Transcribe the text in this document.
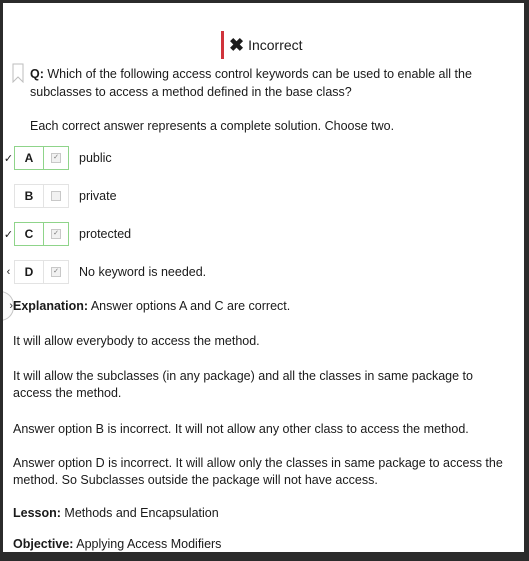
✖ Incorrect
Q: Which of the following access control keywords can be used to enable all the subclasses to access a method defined in the base class?
Each correct answer represents a complete solution. Choose two.
✓ A	✓ public
B	private
✓ C	✓ protected
‹	D	✓ No keyword is needed.
› Explanation: Answer options A and C are correct.
It will allow everybody to access the method.
It will allow the subclasses (in any package) and all the classes in same package to access the method.
Answer option B is incorrect. It will not allow any other class to access the method.
Answer option D is incorrect. It will allow only the classes in same package to access the method. So Subclasses outside the package will not have access.
Lesson: Methods and Encapsulation
Objective: Applying Access Modifiers
